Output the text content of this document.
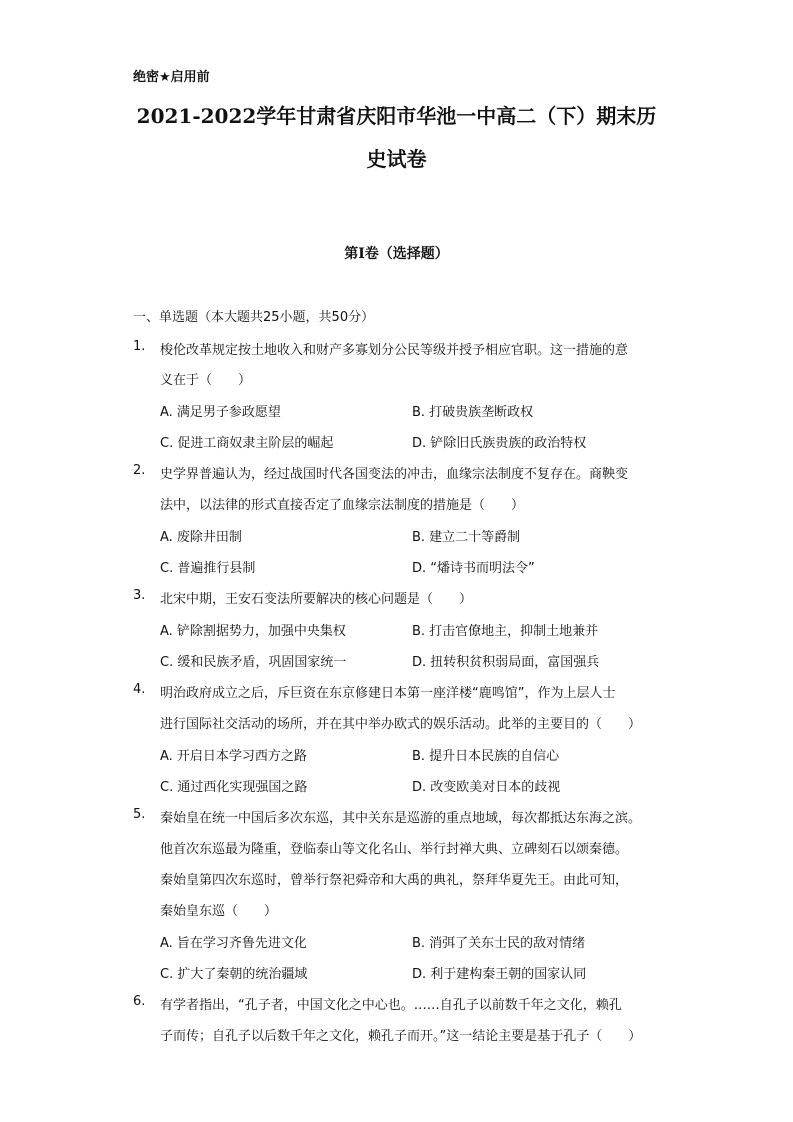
绝密★启用前
2021-2022学年甘肃省庆阳市华池一中高二（下）期末历
史试卷
第Ⅰ卷（选择题）
一、单选题（本大题共25小题，共50分）
1. 梭伦改革规定按土地收入和财产多寡划分公民等级并授予相应官职。这一措施的意
义在于（　　）
A. 满足男子参政愿望	B. 打破贵族垄断政权
C. 促进工商奴隶主阶层的崛起	D. 铲除旧氏族贵族的政治特权
2. 史学界普遍认为，经过战国时代各国变法的冲击，血缘宗法制度不复存在。商鞅变
法中，以法律的形式直接否定了血缘宗法制度的措施是（　　）
A. 废除井田制	B. 建立二十等爵制
C. 普遍推行县制	D. “燔诗书而明法令”
3. 北宋中期，王安石变法所要解决的核心问题是（　　）
A. 铲除割据势力，加强中央集权	B. 打击官僚地主，抑制土地兼并
C. 缓和民族矛盾，巩固国家统一	D. 扭转积贫积弱局面，富国强兵
4. 明治政府成立之后，斥巨资在东京修建日本第一座洋楼“鹿鸣馆”，作为上层人士
进行国际社交活动的场所，并在其中举办欧式的娱乐活动。此举的主要目的（　　）
A. 开启日本学习西方之路	B. 提升日本民族的自信心
C. 通过西化实现强国之路	D. 改变欧美对日本的歧视
5. 秦始皇在统一中国后多次东巡，其中关东是巡游的重点地域，每次都抵达东海之滨。
他首次东巡最为隆重，登临泰山等文化名山、举行封禅大典、立碑刻石以颂秦德。
秦始皇第四次东巡时，曾举行祭祀舜帝和大禹的典礼，祭拜华夏先王。由此可知，
秦始皇东巡（　　）
A. 旨在学习齐鲁先进文化	B. 消弭了关东士民的敌对情绪
C. 扩大了秦朝的统治疆域	D. 利于建构秦王朝的国家认同
6. 有学者指出，“孔子者，中国文化之中心也。……自孔子以前数千年之文化，赖孔
子而传；自孔子以后数千年之文化，赖孔子而开。”这一结论主要是基于孔子（　　）
